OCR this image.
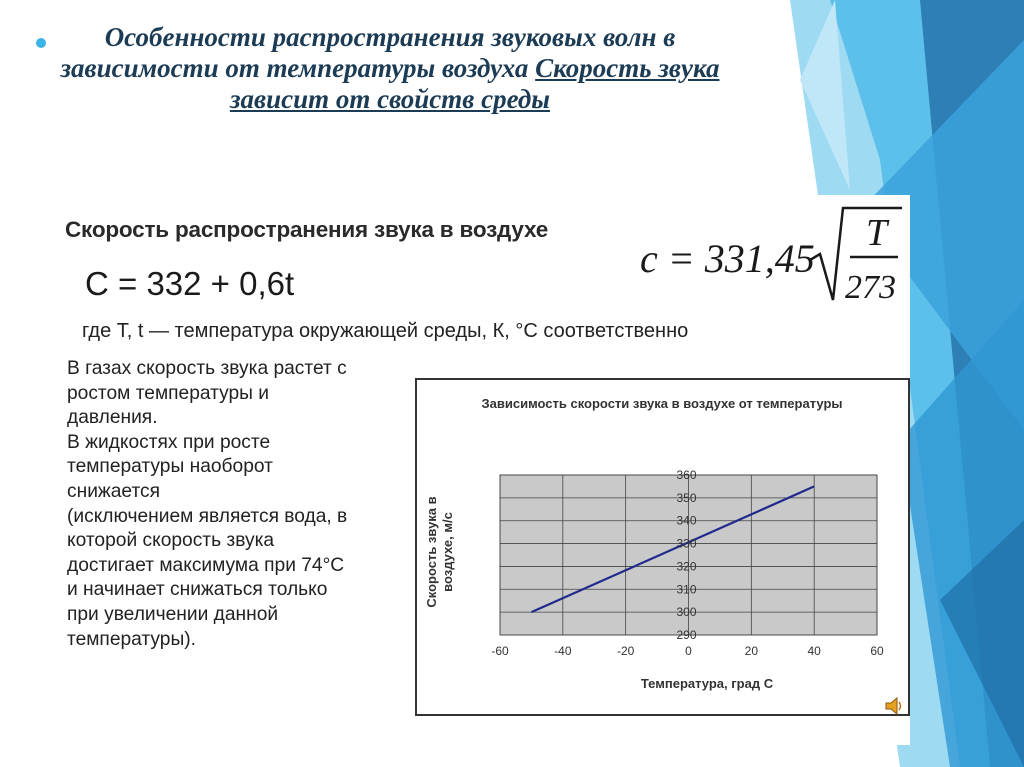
Особенности распространения звуковых волн в зависимости от температуры воздуха Скорость звука зависит от свойств среды
Скорость распространения звука в воздухе
C = 332 + 0,6t
c = 331,45
T
273
где T, t — температура окружающей среды, К, °С соответственно
В газах скорость звука растет с
ростом температуры и
давления.
В жидкостях при росте
температуры наоборот
снижается
(исключением является вода, в
которой скорость звука
достигает максимума при 74°С
и начинает снижаться только
при увеличении данной
температуры).
Зависимость скорости звука в воздухе от температуры
Скорость звука в воздухе, м/с
Температура, град С
290
300
310
320
330
340
350
360
-60	-40	-20	0	20	40	60
